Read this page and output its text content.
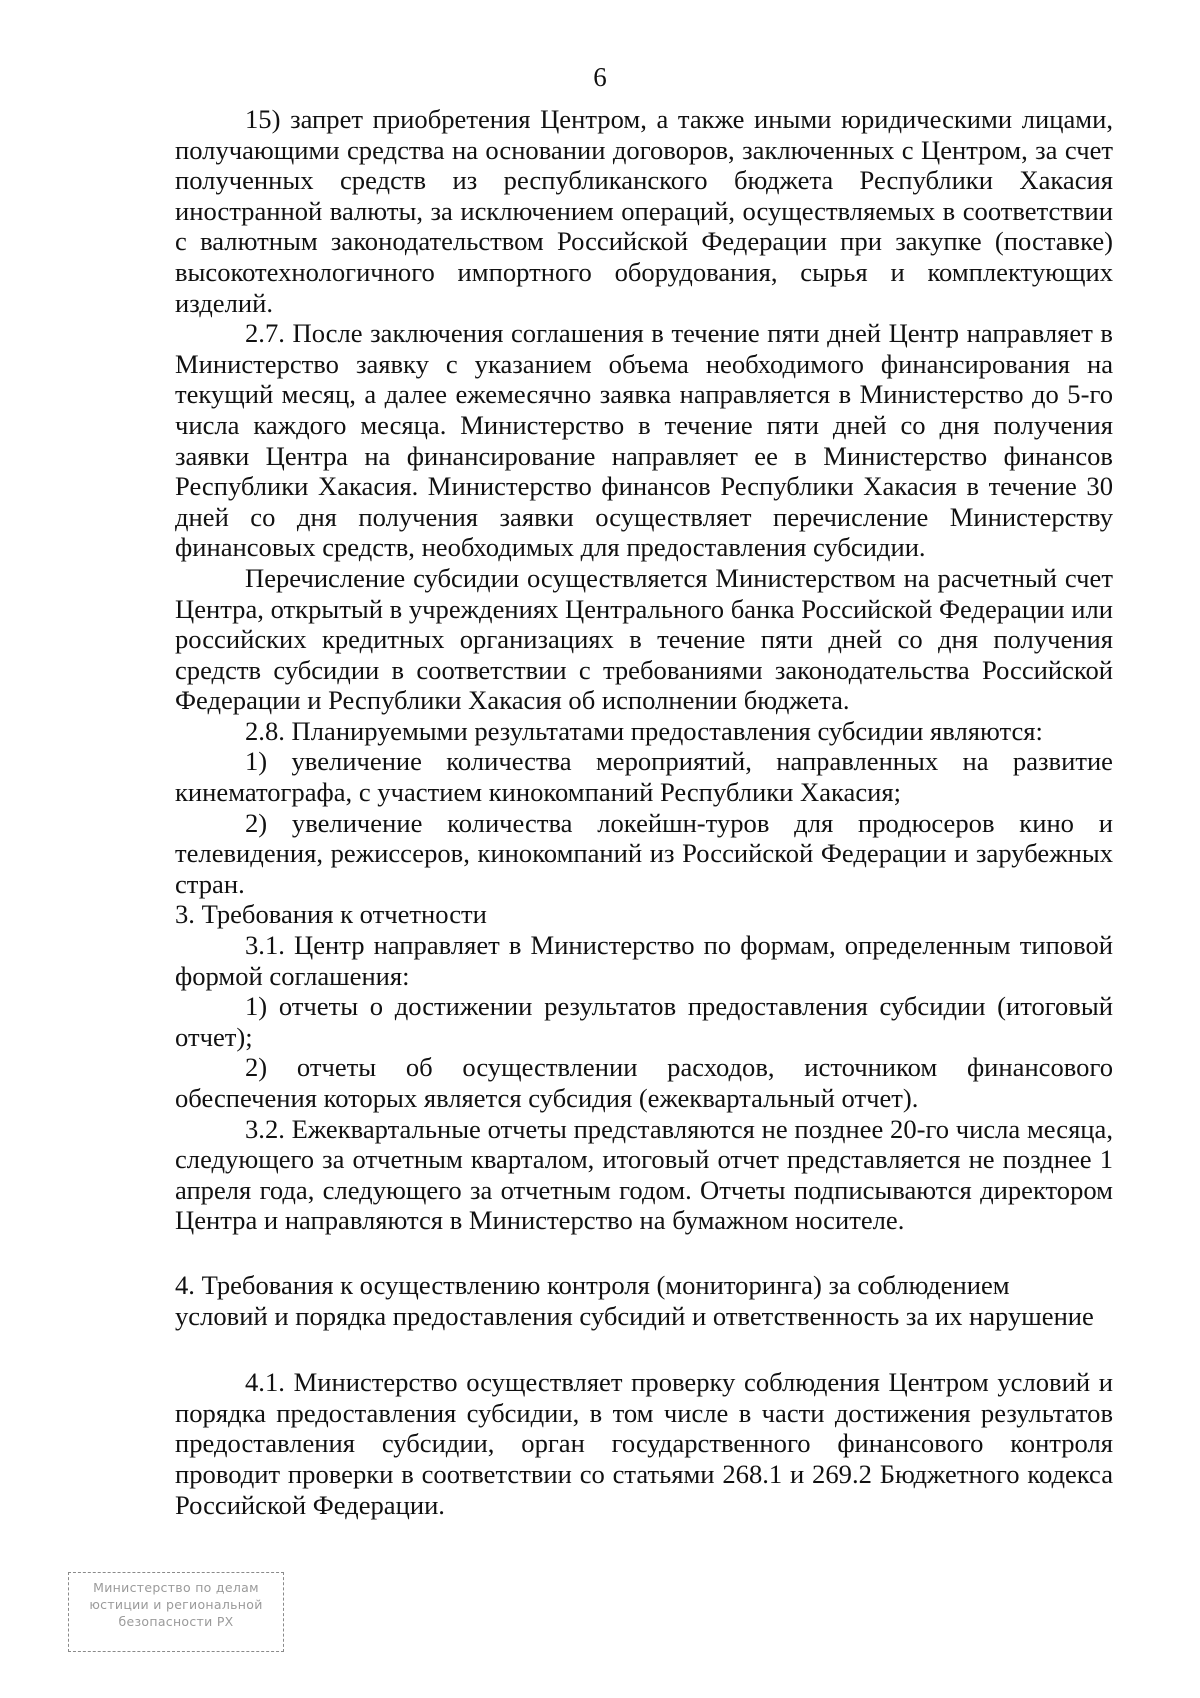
6

15) запрет приобретения Центром, а также иными юридическими лицами, получающими средства на основании договоров, заключенных с Центром, за счет полученных средств из республиканского бюджета Республики Хакасия иностранной валюты, за исключением операций, осуществляемых в соответствии с валютным законодательством Российской Федерации при закупке (поставке) высокотехнологичного импортного оборудования, сырья и комплектующих изделий.

2.7. После заключения соглашения в течение пяти дней Центр направляет в Министерство заявку с указанием объема необходимого финансирования на текущий месяц, а далее ежемесячно заявка направляется в Министерство до 5-го числа каждого месяца. Министерство в течение пяти дней со дня получения заявки Центра на финансирование направляет ее в Министерство финансов Республики Хакасия. Министерство финансов Республики Хакасия в течение 30 дней со дня получения заявки осуществляет перечисление Министерству финансовых средств, необходимых для предоставления субсидии.

Перечисление субсидии осуществляется Министерством на расчетный счет Центра, открытый в учреждениях Центрального банка Российской Федерации или российских кредитных организациях в течение пяти дней со дня получения средств субсидии в соответствии с требованиями законодательства Российской Федерации и Республики Хакасия об исполнении бюджета.

2.8. Планируемыми результатами предоставления субсидии являются:

1) увеличение количества мероприятий, направленных на развитие кинематографа, с участием кинокомпаний Республики Хакасия;

2) увеличение количества локейшн-туров для продюсеров кино и телевидения, режиссеров, кинокомпаний из Российской Федерации и зарубежных стран.

3. Требования к отчетности

3.1. Центр направляет в Министерство по формам, определенным типовой формой соглашения:

1) отчеты о достижении результатов предоставления субсидии (итоговый отчет);

2) отчеты об осуществлении расходов, источником финансового обеспечения которых является субсидия (ежеквартальный отчет).

3.2. Ежеквартальные отчеты представляются не позднее 20-го числа месяца, следующего за отчетным кварталом, итоговый отчет представляется не позднее 1 апреля года, следующего за отчетным годом. Отчеты подписываются директором Центра и направляются в Министерство на бумажном носителе.

4. Требования к осуществлению контроля (мониторинга) за соблюдением

условий и порядка предоставления субсидий и ответственность за их нарушение

4.1. Министерство осуществляет проверку соблюдения Центром условий и порядка предоставления субсидии, в том числе в части достижения результатов предоставления субсидии, орган государственного финансового контроля проводит проверки в соответствии со статьями 268.1 и 269.2 Бюджетного кодекса Российской Федерации.

Министерство по делам
юстиции и региональной
безопасности РХ
